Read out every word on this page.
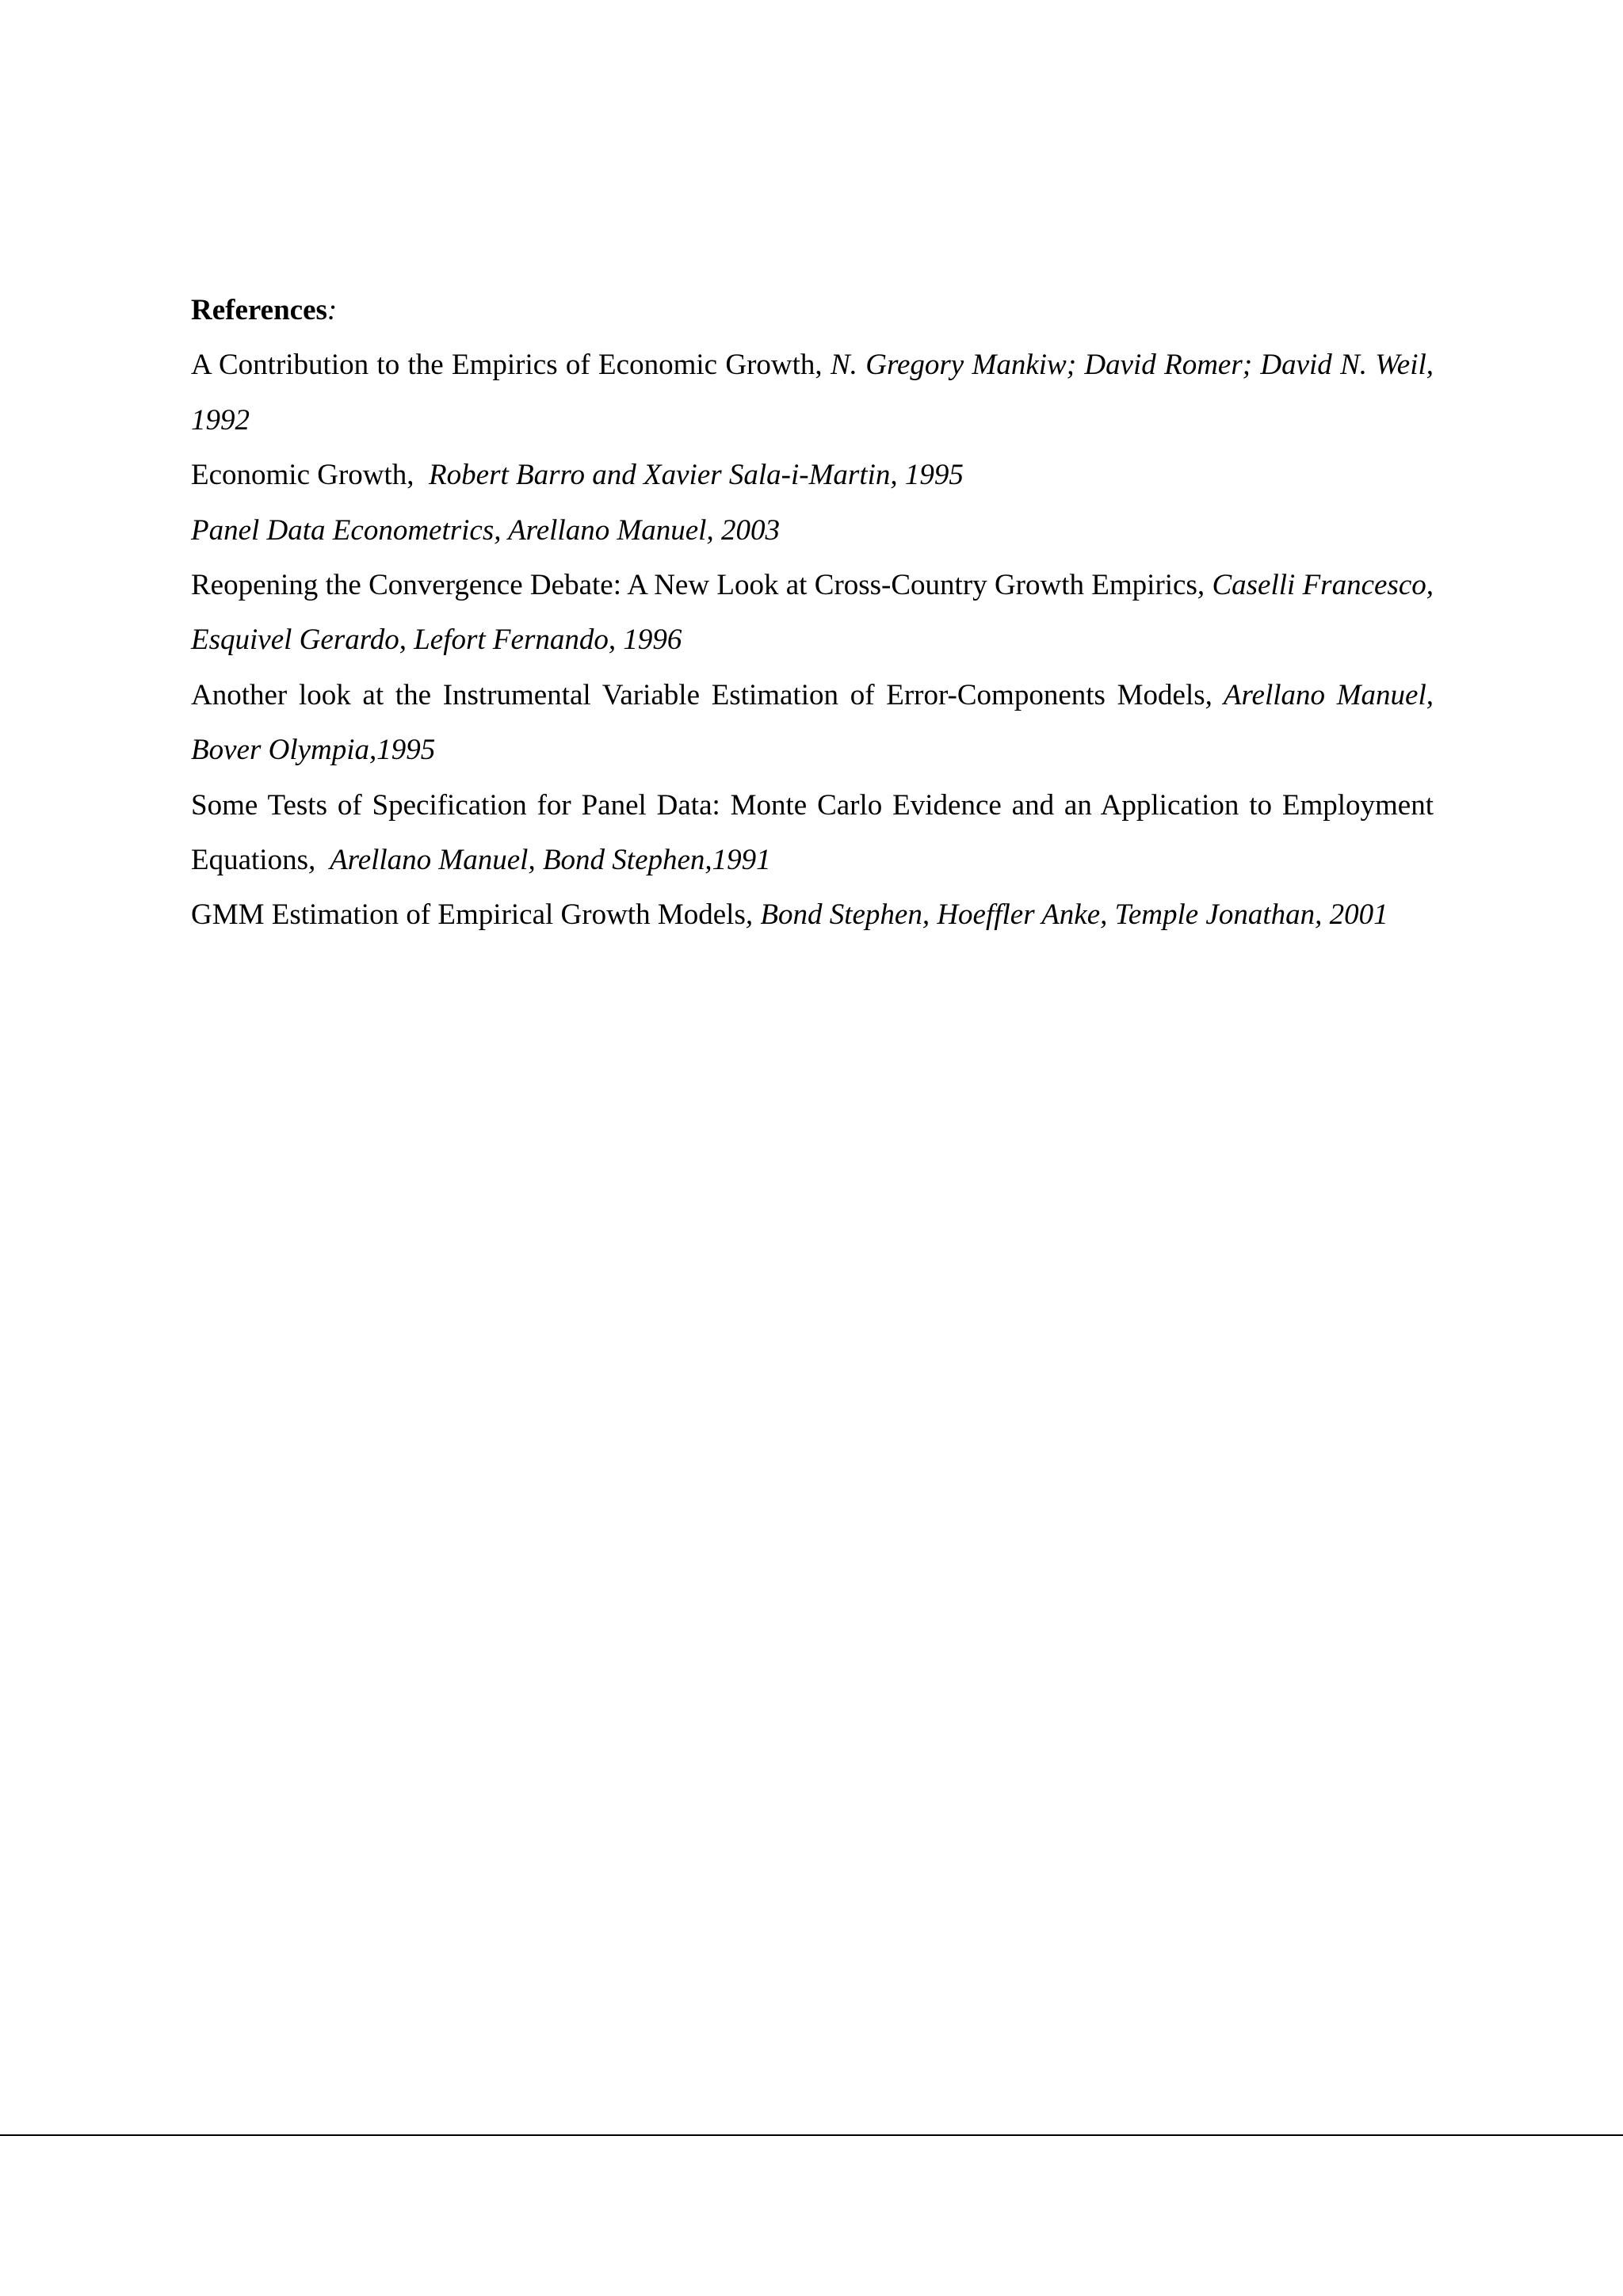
References:

A Contribution to the Empirics of Economic Growth, N. Gregory Mankiw; David Romer; David N. Weil, 1992

Economic Growth,  Robert Barro and Xavier Sala-i-Martin, 1995

Panel Data Econometrics, Arellano Manuel, 2003

Reopening the Convergence Debate: A New Look at Cross-Country Growth Empirics, Caselli Francesco, Esquivel Gerardo, Lefort Fernando, 1996

Another look at the Instrumental Variable Estimation of Error-Components Models, Arellano Manuel, Bover Olympia,1995

Some Tests of Specification for Panel Data: Monte Carlo Evidence and an Application to Employment Equations,  Arellano Manuel, Bond Stephen,1991

GMM Estimation of Empirical Growth Models, Bond Stephen, Hoeffler Anke, Temple Jonathan, 2001
